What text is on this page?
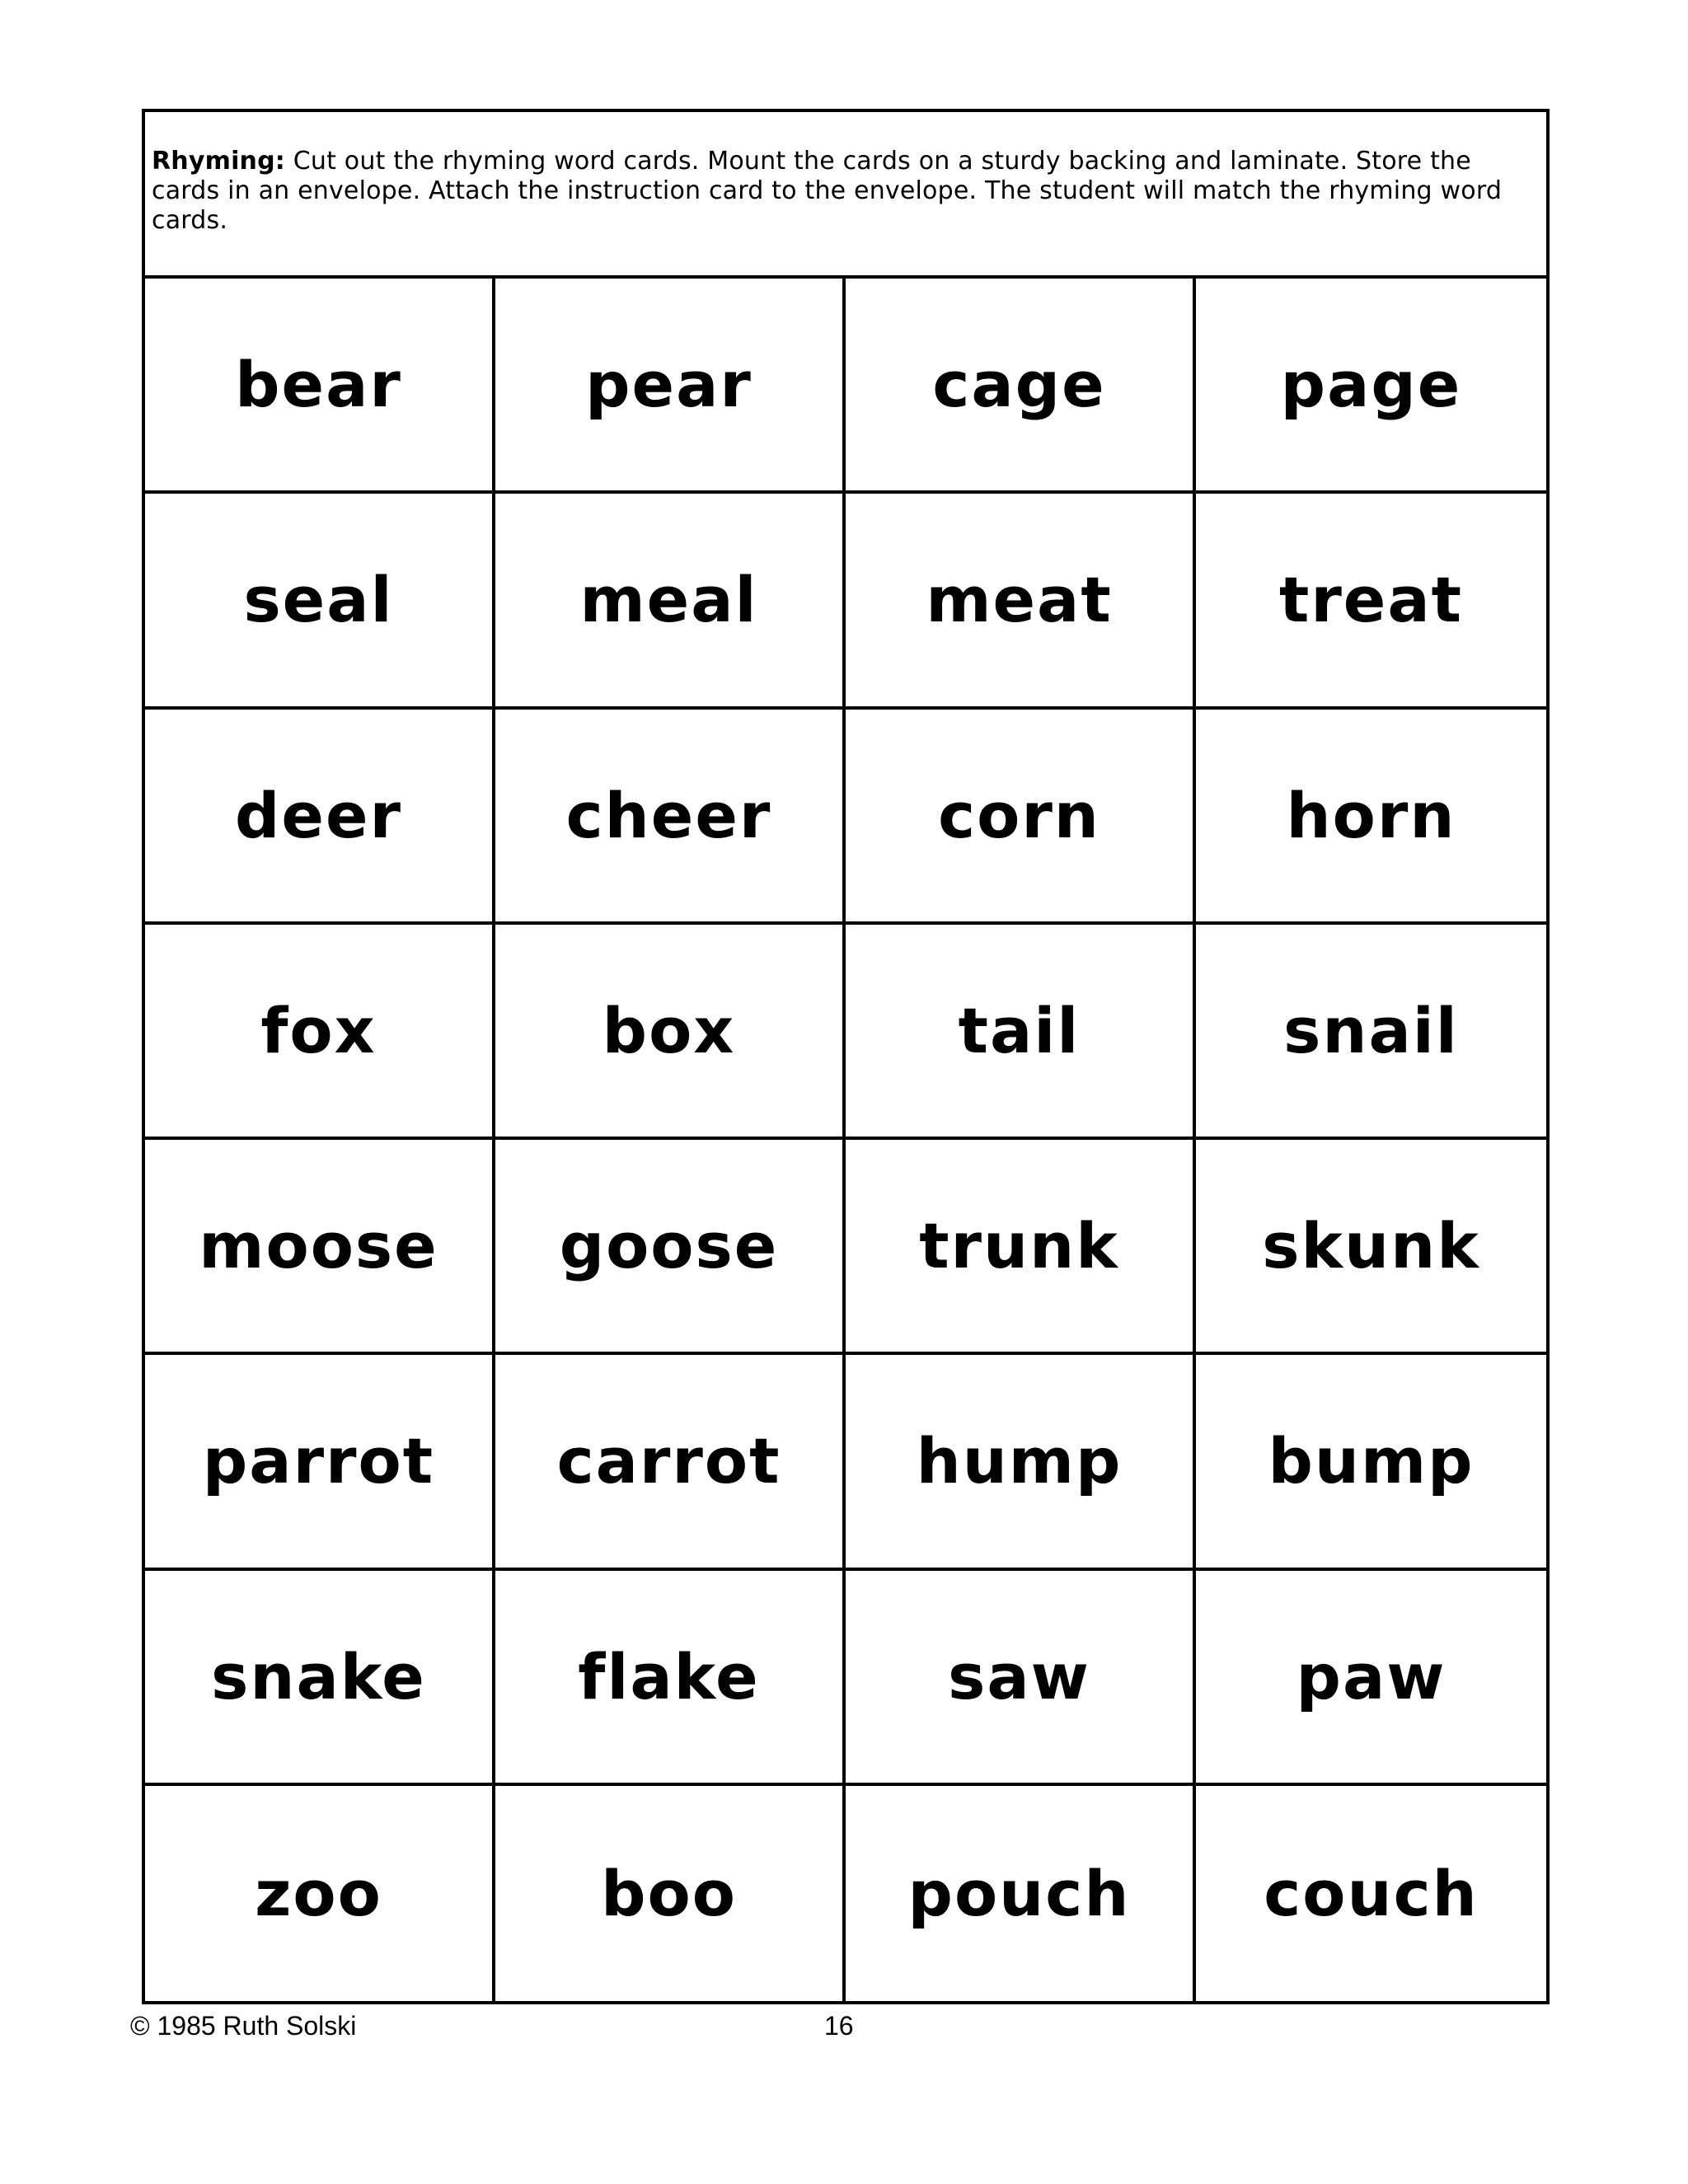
Rhyming: Cut out the rhyming word cards. Mount the cards on a sturdy backing and laminate. Store the cards in an envelope. Attach the instruction card to the envelope. The student will match the rhyming word cards.
bear	pear	cage	page
seal	meal	meat	treat
deer	cheer	corn	horn
fox	box	tail	snail
moose goose trunk skunk
parrot carrot hump bump
snake flake	saw	paw
zoo	boo	pouch couch
© 1985 Ruth Solski	16
